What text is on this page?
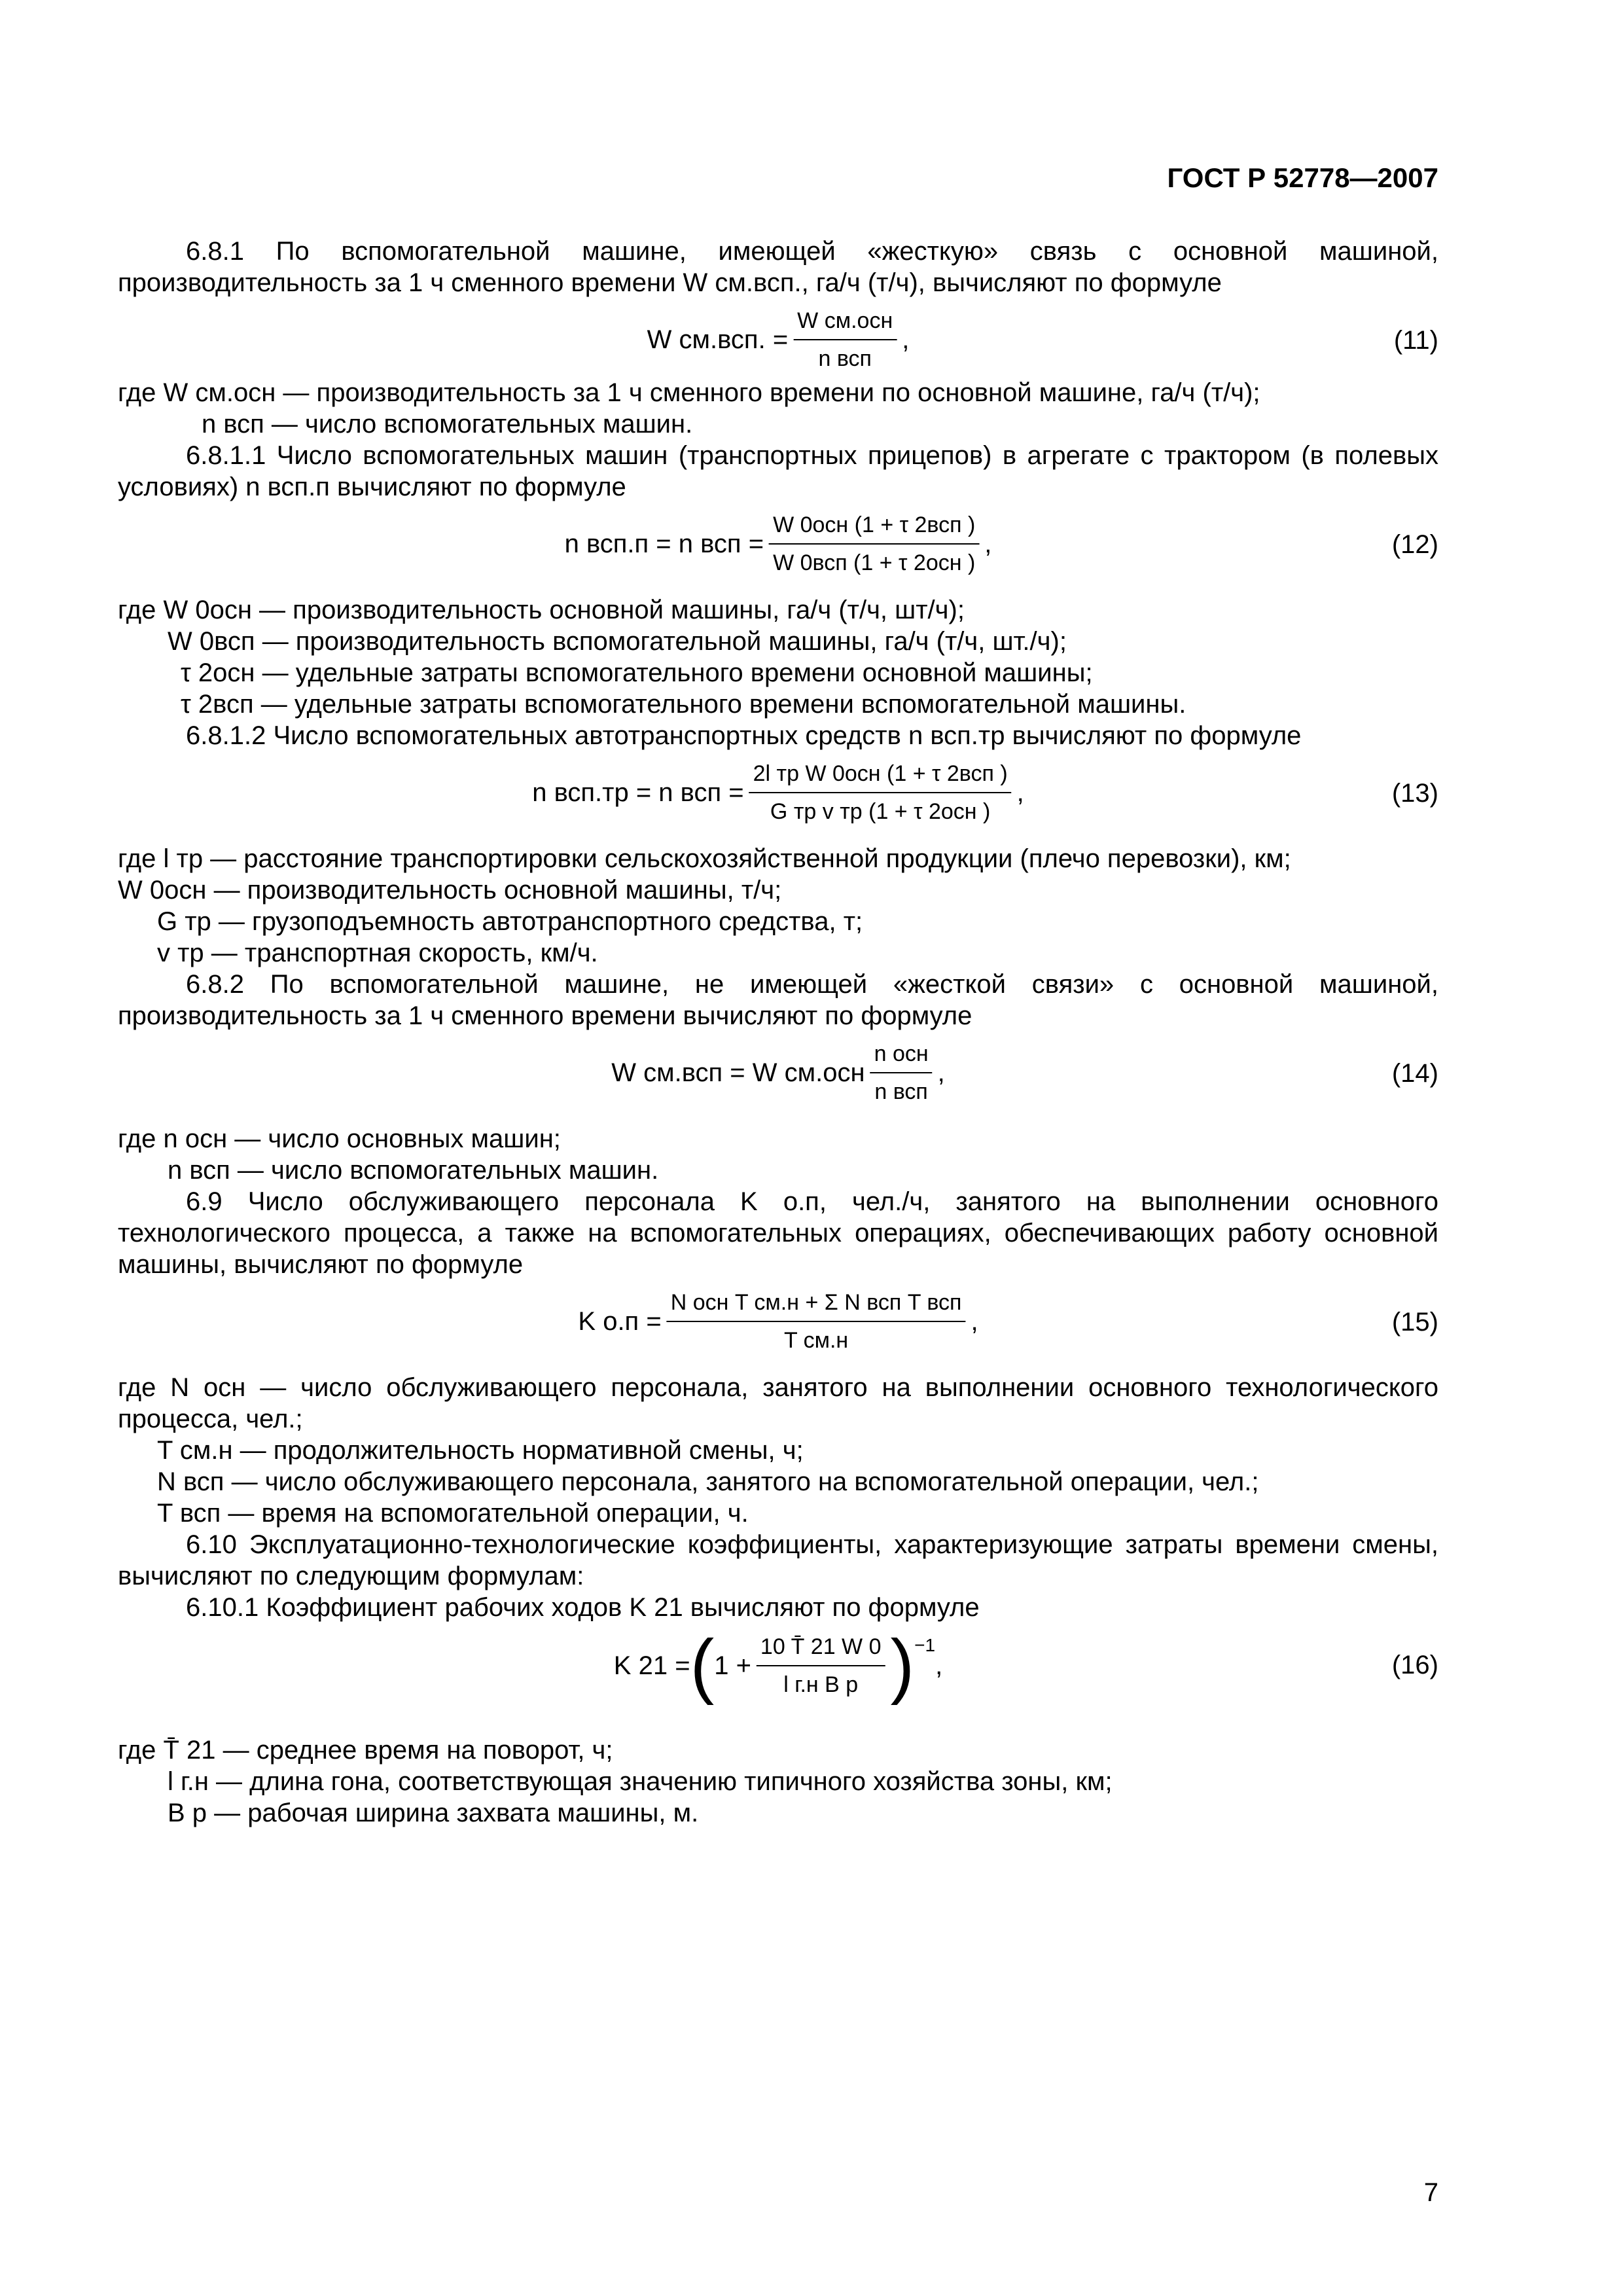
ГОСТ Р 52778—2007

6.8.1 По вспомогательной машине, имеющей «жесткую» связь с основной машиной, производительность за 1 ч сменного времени W см.всп., га/ч (т/ч), вычисляют по формуле

W см.всп. = $\frac{\text{W см.осн}}{\text{n всп}}$ ,	(11)

где W см.осн — производительность за 1 ч сменного времени по основной машине, га/ч (т/ч);

n всп — число вспомогательных машин.

6.8.1.1 Число вспомогательных машин (транспортных прицепов) в агрегате с трактором (в полевых условиях) n всп.п вычисляют по формуле

n всп.п = n всп = $\frac{\text{W 0осн (1 + τ 2всп )}}{\text{W 0всп (1 + τ 2осн )}}$ ,	(12)

где W 0осн — производительность основной машины, га/ч (т/ч, шт/ч);

W 0всп — производительность вспомогательной машины, га/ч (т/ч, шт./ч);

τ 2осн — удельные затраты вспомогательного времени основной машины;

τ 2всп — удельные затраты вспомогательного времени вспомогательной машины.

6.8.1.2 Число вспомогательных автотранспортных средств n всп.тр вычисляют по формуле

n всп.тр = n всп = $\frac{\text{2l тр W 0осн (1 + τ 2всп )}}{\text{G тр v тр (1 + τ 2осн )}}$ ,	(13)

где l тр — расстояние транспортировки сельскохозяйственной продукции (плечо перевозки), км;

W 0осн — производительность основной машины, т/ч;

G тр — грузоподъемность автотранспортного средства, т;

v тр — транспортная скорость, км/ч.

6.8.2 По вспомогательной машине, не имеющей «жесткой связи» с основной машиной, производительность за 1 ч сменного времени вычисляют по формуле

W см.всп = W $см.осн \frac{\text{n осн}}{\text{n всп}}$ ,	(14)

где n осн — число основных машин;

n всп — число вспомогательных машин.

6.9 Число обслуживающего персонала K о.п, чел./ч, занятого на выполнении основного технологического процесса, а также на вспомогательных операциях, обеспечивающих работу основной машины, вычисляют по формуле

K $о.п = \frac{\text{N осн T см.н + Σ N всп T всп}}{\text{T см.н}}$ ,	(15)

где N осн — число обслуживающего персонала, занятого на выполнении основного технологического процесса, чел.;

T см.н — продолжительность нормативной смены, ч;

N всп — число обслуживающего персонала, занятого на вспомогательной операции, чел.;

T всп — время на вспомогательной операции, ч.

6.10 Эксплуатационно-технологические коэффициенты, характеризующие затраты времени смены, вычисляют по следующим формулам:

6.10.1 Коэффициент рабочих ходов K 21 вычисляют по формуле

K 21 = ( $1 + \frac{10 T̄ 21 W 0}{\text{l г.н B р}} )^{-1}$
,	(16)

где T̄ 21 — среднее время на поворот, ч;

l г.н — длина гона, соответствующая значению типичного хозяйства зоны, км;

B р — рабочая ширина захвата машины, м.

7
